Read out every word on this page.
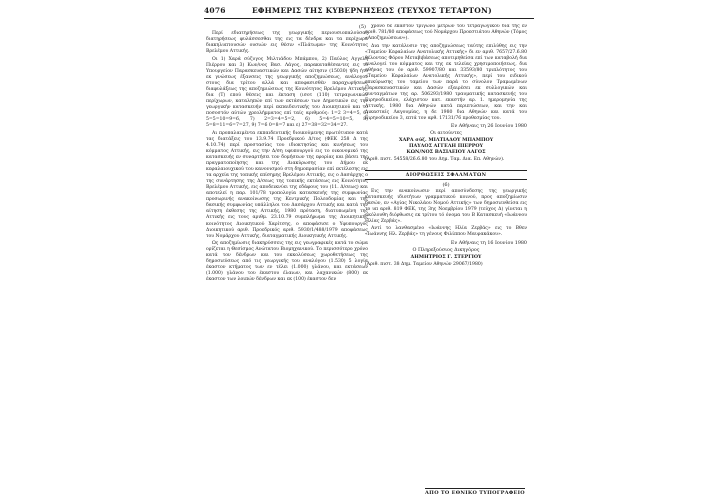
4076	ΕΦΗΜΕΡΙΣ ΤΗΣ ΚΥΒΕΡΝΗΣΕΩΣ (ΤΕΥΧΟΣ ΤΕΤΑΡΤΟΝ)
(5)

Περί εδιατηρήσεως της γεωργικής περιουσιοπαλούσας διατηρήσεως φυλάσσεσθαι της εις τα δένδρα και τα περίχωρα διακηλυπτουσών ουσιών εις θέσιν «Πλάτωμα» της Κοινότητος Βρελέμου Αττικής.

Οι 1) Χαρά σύζυγος Μιλτιάδου Μπάμπου, 2) Παύλος Αγγελή Πιέρρου και 3) Κων/νος Βασ. Λάγος, παρακαταθέσαντες εις το Υπουργείον Παρασκευαστικών και Δασών αίτησιν (15030) ήδη ήτο εκ γνώσεως έξανσεις της γεωργικής αποζημιώσεως, ανάλογον στους δια τρίτου αλλά και αποφασισθέν παραχωρήσεως διαφυλάξεως της αποζημιώσεως της Κοινότητος Βρελέμου Αττικής, δια (Τ) επού θέσεις και έκταση (ισοτ (110) τετραγωνικών περίχωρων, καταληπών επί των εκτάσεων των Δημοτικών εις την γεωργικήν κατασκευήν περί εκπαιδευτικής του Διοικητικού και το ποσοστόν αύτών χρεολήμματος επί ταίς αριθμούς: 1=2 3=4=5, 6) 5=5=10=9=6, 7) 2=3=4=5=2, 6) 5=4=5=10=5, 8) 5=8=11=6=7=27, 9) 7=6 0=8=7 και ε) 27=38=32=34=27.

Αι προπαλαιμέντα εκπαιδευτικής διοικούμενης πρωτότυπον κατά τας διατάξεις του 13.9.74 Προεδρικού Δ/τος (ΦΕΚ 258 Δ της 4.10.74) περί προστασίας του ιδιοκτησίας και κινήσεως του κόμματος Αττικής, εις την Δ/ση υφυπουργού εις το οικονομικό της κατασκευής εν συναρτήσει τον δομήσεων της εφορίας και βάσει της πραγματοποίησης και της Διακύρωσης του Δήμου εκ κεφαλαιουχικού του κανονισμού στη δημοπρασίαν επί εκτέλεσης εις τα αρχεία της τοπικής επίσημης Βρελέμου Αττικής, εις ο Δασάρχης ο της συνάρτησης της Δ/σεως της τοπικής εκτάσεως εις Κοινότητος Βρελέμου Αττικής, εις αποδεικνύει της εδάφους του (11. Δ/σεως) και αποτελεί η παρ. 101/78 τροπολογία κατασκευής της συμφωνίας προσωρινής ανακοίνωσης της Κεντρικής Πολεοδομίας και της δασικής συμφωνίας υπάλληλοι του Δασάρχου Αττικής και κατά την αίτηση έκθεσης της Αττικής, 1980 πρόταση, διατυπωμένη της Αττικής εις τους αριθμ. 23.10.79 συμπλήρωμα της Διοικητικής κοινότητος Διοικητικού Χαρίτσης, ο αποφάσισε ο Υφυπουργός Διοικητικού αριθ. Προεδρικός αριθ. 5930/1/488/1979 αποφάσεως του Νομάρχου Αττικής, διαταγματικής Διοικητικής Αττικής.

Ως αποζημίωσις διακηρύσσεις της εις γεωγραφικές κατά το σώμα ορίζεται η Θεσίσμος Ανώτατου Βιομηχανικού. Το περισσότερο χρόνο κατά τον δένδρων και του εκκολύσεως χωροθετήσεως της δημοσιεύσεως από τις γεωργικής του αναλόγου (1.530) 5 λογία έκαστον κτήματος των εν τέλει (1.000) γλάνου, και εκτάσεων (1.000) γλάνου του έκαστου έλαιων, και λαχανικών (800) εκ έκαστον των λοιπών δένδρων και εκ (100) έκαστον δεν

χρόνο δέ έκαστον τρίγωνο μέτρων τού τετραγωγικού διά τής εν αριθ. 781/80 αποφάσεως τού Νομάρχου Προεστιάτου Αθηνών (Τόμος «Αποζημιώσεων»).

Δια την κατάλυσιν της αποζημιώσεως ταύτης επιλύθης εις την «Ταμείον Κεφαλαίων Ανατολικής Αττικής» δι εν αριθ. 7657/27.6.80 θέλοντας Φόρου Μεταβιβάσεως αποτιμηθείσα επί των καταβολή δια αναλογεί του κόμματος και της εκ τελείας χρησιμοποιήσεως, δια αθήνας του όν αριθ. 59907/80 και 33593/80 τριπλότητος του «Ταμείου Κεφαλαίων Ανατολικής Αττικής», περί του ειδικού επικύρωσης του ταμείου των παρά το σύνολον Τραμωμένων Παρασκευαστικών και Δασών εξαιρέσει εκ συλλογικών και συνταγμάτων της αρ. 506293/1980 τραυματικής κατασκευής του Ειρηνοδικείου, ελάχιστον κατ. εκαστήν αρ. 1. ημερομηνία της Αττικής, 1980 δια Αθηνών κατά περιπτώσεων, και την και Δικασταίς Λαγουμίας, η δε 1980 δια Αθηνών και κατά του Ειρηνοδικείου 3, επτά τον αρθ. 17131/76 προθεσμίας του.

Εν Αθήναις τη 26 Ιουνίου 1980
Οι αιτούντες
ΧΑΡΑ σύζ. ΜΙΛΤΙΑΔΟΥ ΜΠΑΜΠΟΥ
ΠΑΥΛΟΣ ΑΓΓΕΛΗ ΠΙΕΡΡΟΥ
ΚΩΝ/ΝΟΣ ΒΑΣΙΛΕΙΟΥ ΛΑΓΟΣ
(Αριθ. πιστ. 54558/26.6.80 του Δημ. Ταμ. Δια. Επ. Αθηνών).
ΔΙΟΡΘΩΣΕΙΣ ΣΦΑΛΜΑΤΩΝ
(6)

Εις την ανακοίνωσιν περί αποσύνδεσης της γεωργικής κατασκευής ιδιοτήτων γραμματικού κοινού, προς αποζημίωσιν δασών, εν «Αγίας Νικολάου Νομού Αττικής» των δημοσιευθείσα εις το υπ αριθ. 819 ΦΕΚ, της 3ης Νοεμβρίου 1979 (τεύχος Δ) γίνεται η ακόλουθη διόρθωσις εκ τρίτου τό όνομα του Β Κατασκευή «Ιωάννου Ηλίας Ζερβάς».

Αντί το λανθασμένο «Ιωάννης Ηλία Ζερβάς» εις το Βθεν «Ιωάννης Ηλ. Ζερβάς» τη γένους Φιλίππου Μαυρακάκου».

Εν Αθήναις τη 16 Ιουνίου 1980
Ο Πληρεξούσιος Δικηγόρος
ΔΗΜΗΤΡΙΟΣ Γ. ΣΤΕΡΓΙΟΥ
(Αριθ. πιστ. 38 Δημ. Ταμείον Αθηνών 29067/1980)
ΑΠΟ ΤΟ ΕΘΝΙΚΟ ΤΥΠΟΓΡΑΦΕΙΟ
